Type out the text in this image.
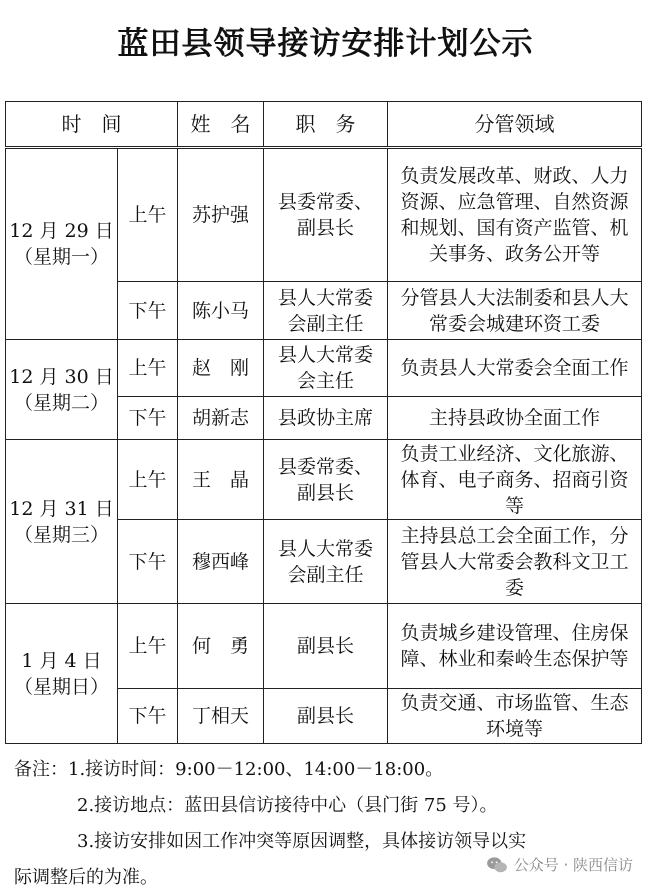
蓝田县领导接访安排计划公示
时　间		姓　名	职　务	分管领域

12 月 29 日
（星期一）	上午	苏护强	县委常委、副县长	负责发展改革、财政、人力资源、应急管理、自然资源和规划、国有资产监管、机关事务、政务公开等
	下午	陈小马	县人大常委会副主任	分管县人大法制委和县人大常委会城建环资工委

12 月 30 日
（星期二）	上午	赵　刚	县人大常委会主任	负责县人大常委会全面工作
	下午	胡新志	县政协主席	主持县政协全面工作

12 月 31 日
（星期三）	上午	王　晶	县委常委、副县长	负责工业经济、文化旅游、体育、电子商务、招商引资等
	下午	穆西峰	县人大常委会副主任	主持县总工会全面工作，分管县人大常委会教科文卫工委

1 月 4 日
（星期日）	上午	何　勇	副县长	负责城乡建设管理、住房保障、林业和秦岭生态保护等
	下午	丁相天	副县长	负责交通、市场监管、生态环境等
备注：1.接访时间：9:00－12:00、14:00－18:00。
2.接访地点：蓝田县信访接待中心（县门街 75 号）。
3.接访安排如因工作冲突等原因调整，具体接访领导以实
际调整后的为准。
公众号 · 陕西信访
